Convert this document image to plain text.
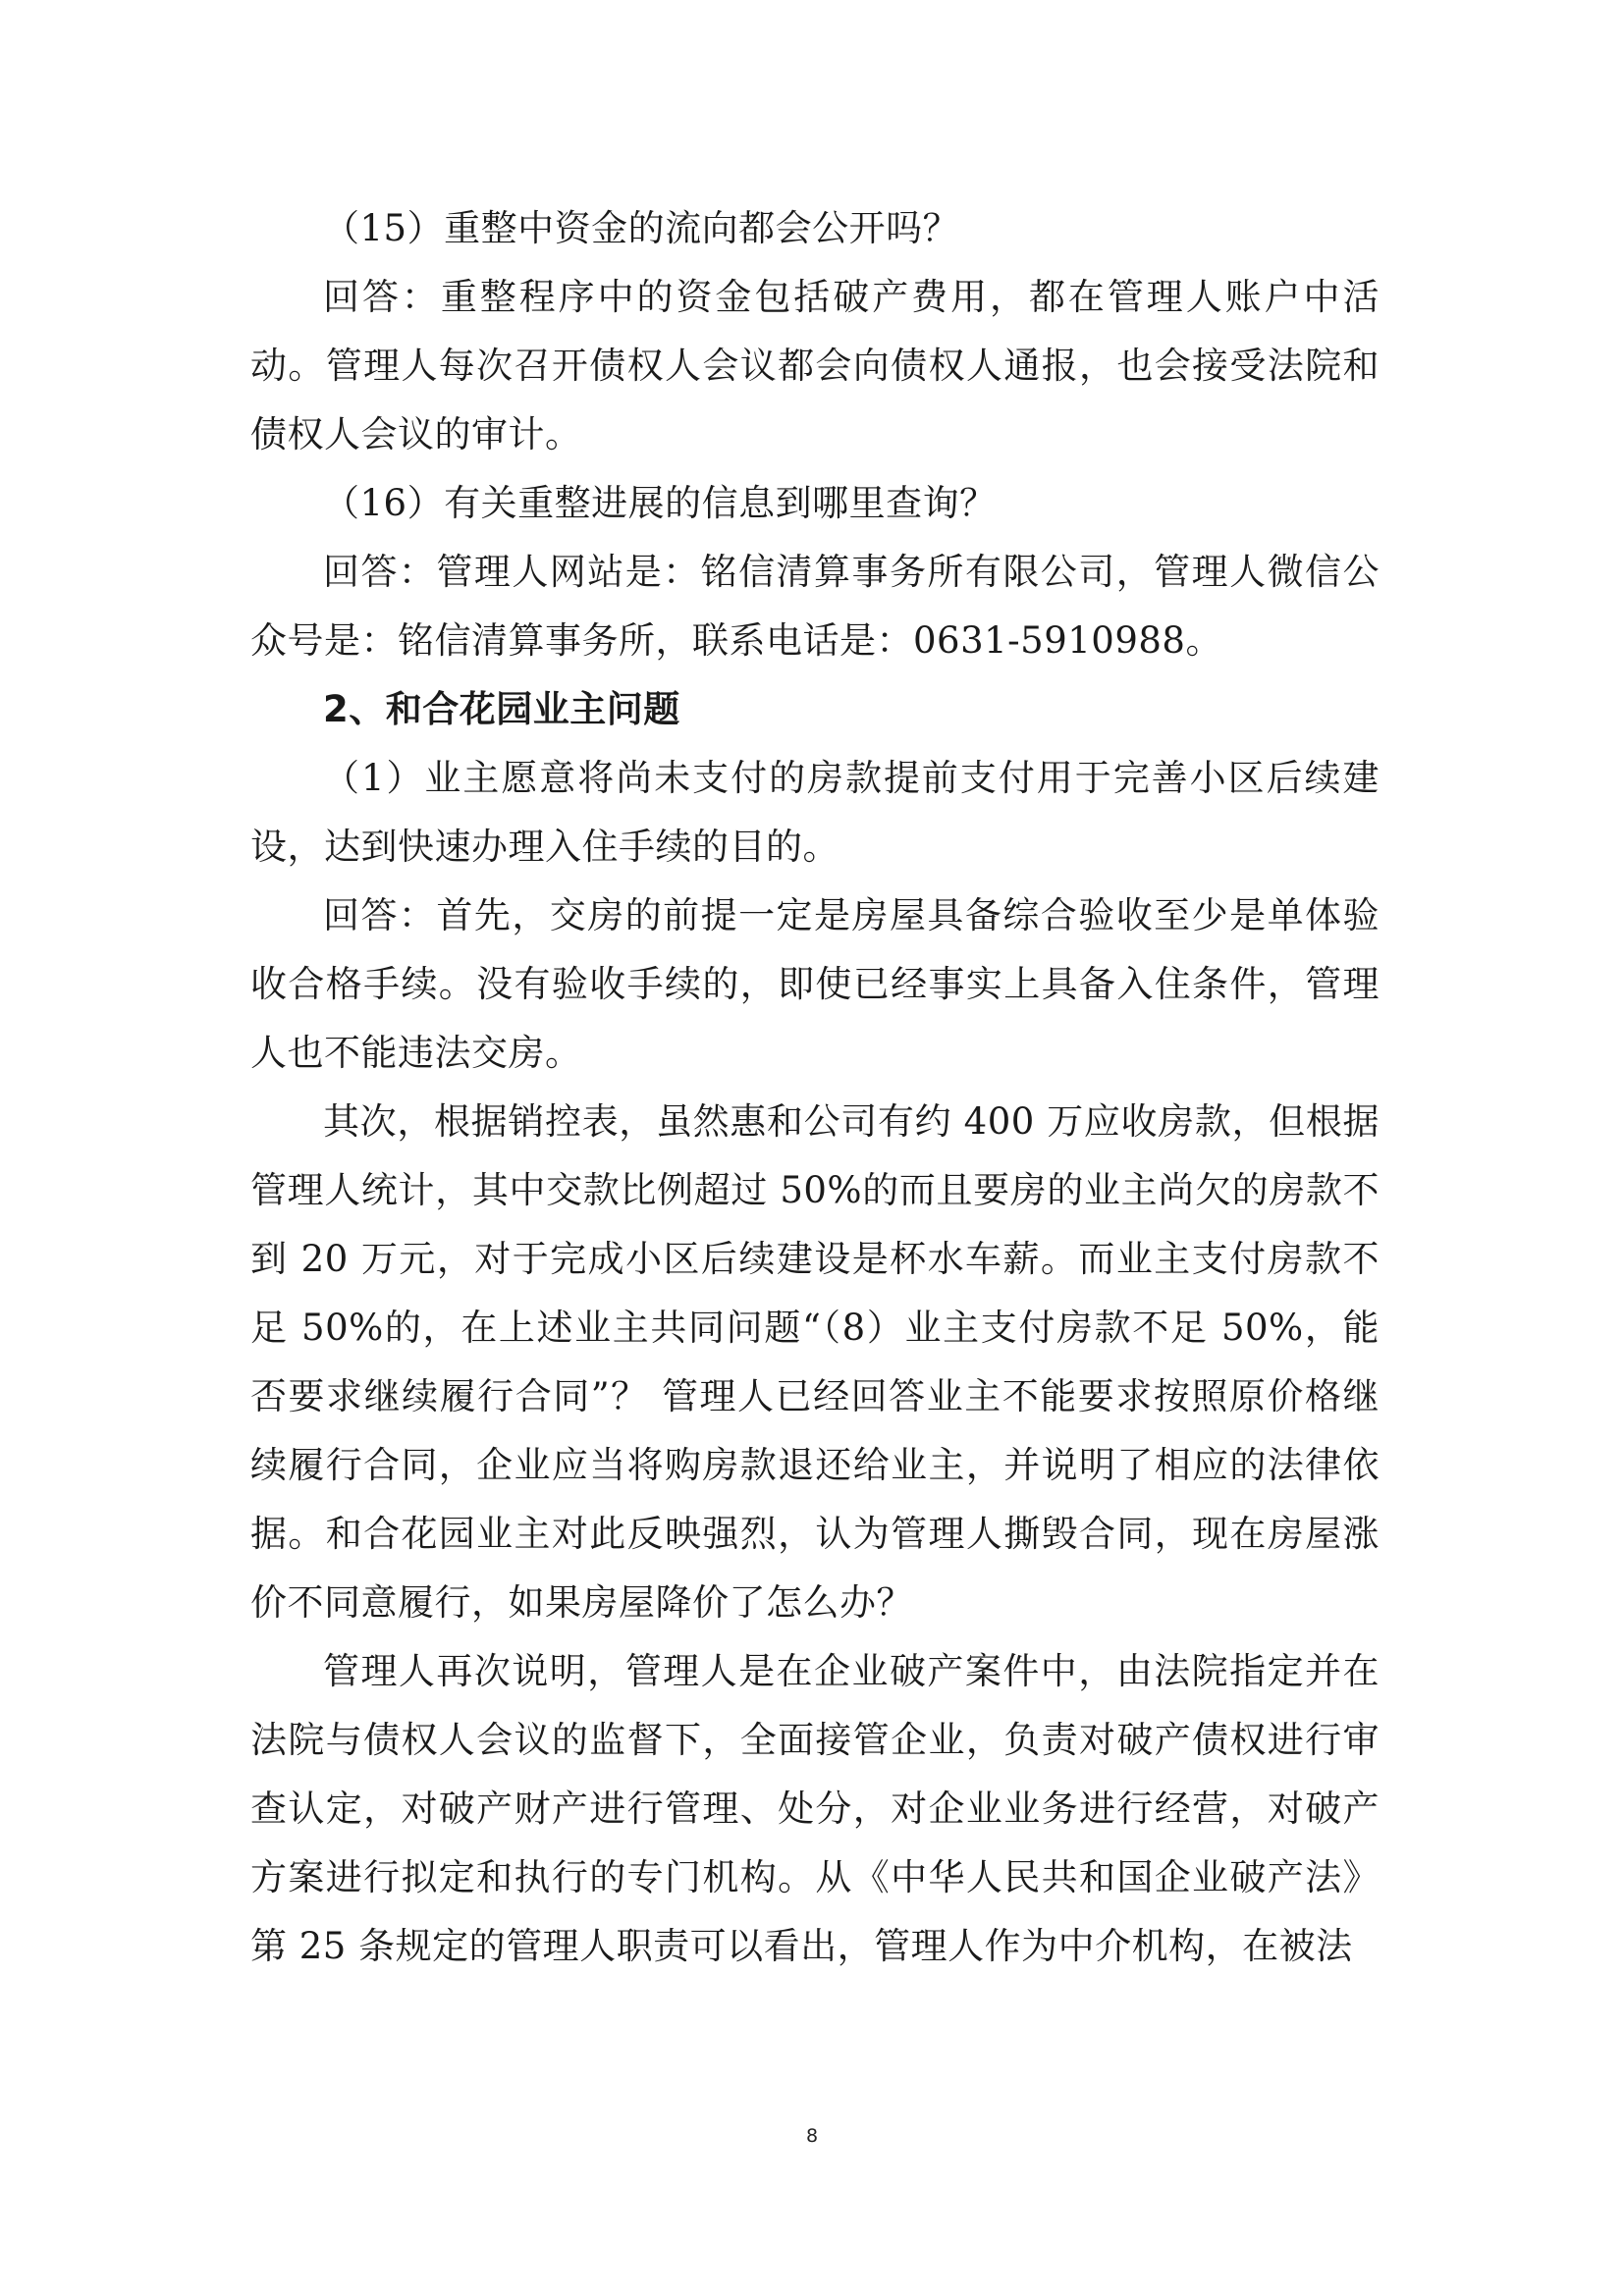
（15）重整中资金的流向都会公开吗？

回答：重整程序中的资金包括破产费用，都在管理人账户中活动。管理人每次召开债权人会议都会向债权人通报，也会接受法院和债权人会议的审计。

（16）有关重整进展的信息到哪里查询？

回答：管理人网站是：铭信清算事务所有限公司，管理人微信公众号是：铭信清算事务所，联系电话是：0631-5910988。

2、和合花园业主问题

（1）业主愿意将尚未支付的房款提前支付用于完善小区后续建设，达到快速办理入住手续的目的。

回答：首先，交房的前提一定是房屋具备综合验收至少是单体验收合格手续。没有验收手续的，即使已经事实上具备入住条件，管理人也不能违法交房。

其次，根据销控表，虽然惠和公司有约 400 万应收房款，但根据管理人统计，其中交款比例超过 50%的而且要房的业主尚欠的房款不到 20 万元，对于完成小区后续建设是杯水车薪。而业主支付房款不足 50%的，在上述业主共同问题“（8）业主支付房款不足 50%，能否要求继续履行合同”？ 管理人已经回答业主不能要求按照原价格继续履行合同，企业应当将购房款退还给业主，并说明了相应的法律依据。和合花园业主对此反映强烈，认为管理人撕毁合同，现在房屋涨价不同意履行，如果房屋降价了怎么办？

管理人再次说明，管理人是在企业破产案件中，由法院指定并在法院与债权人会议的监督下，全面接管企业，负责对破产债权进行审查认定，对破产财产进行管理、处分，对企业业务进行经营，对破产方案进行拟定和执行的专门机构。从《中华人民共和国企业破产法》第 25 条规定的管理人职责可以看出，管理人作为中介机构，在被法

8
